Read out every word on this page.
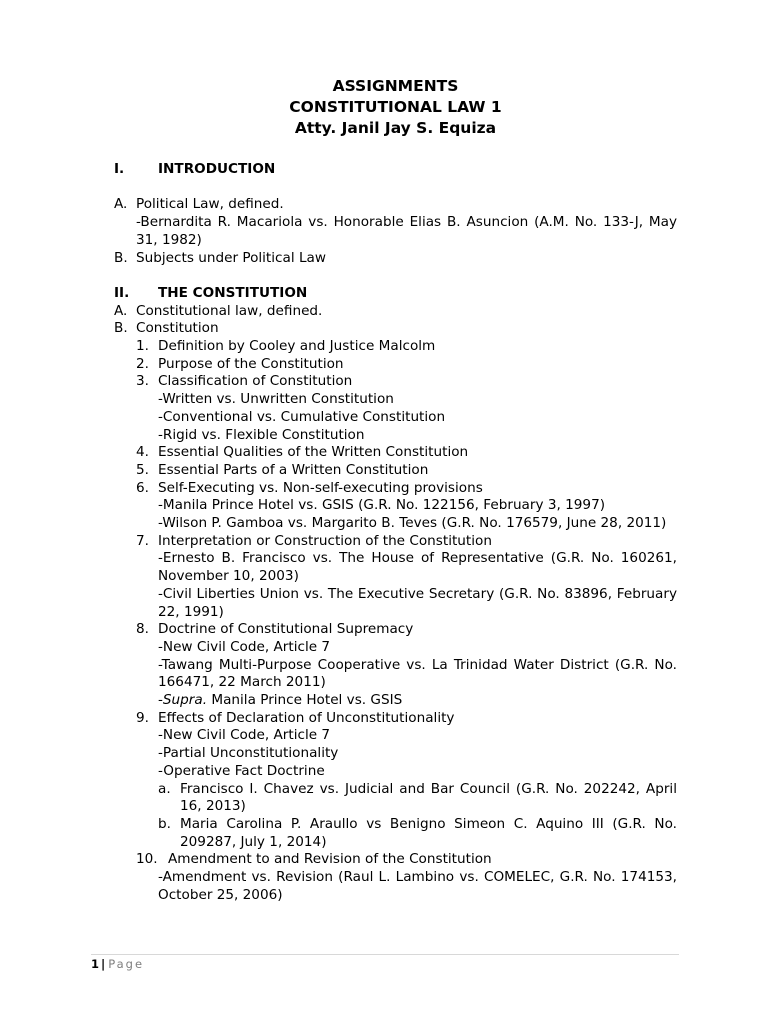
ASSIGNMENTS
CONSTITUTIONAL LAW 1
Atty. Janil Jay S. Equiza
I.	INTRODUCTION
A. Political Law, defined.
-Bernardita R. Macariola vs. Honorable Elias B. Asuncion (A.M. No. 133-J, May 31, 1982)
B. Subjects under Political Law
II.	THE CONSTITUTION
A. Constitutional law, defined.
B. Constitution
1. Definition by Cooley and Justice Malcolm
2. Purpose of the Constitution
3. Classification of Constitution
-Written vs. Unwritten Constitution
-Conventional vs. Cumulative Constitution
-Rigid vs. Flexible Constitution
4. Essential Qualities of the Written Constitution
5. Essential Parts of a Written Constitution
6. Self-Executing vs. Non-self-executing provisions
-Manila Prince Hotel vs. GSIS (G.R. No. 122156, February 3, 1997)
-Wilson P. Gamboa vs. Margarito B. Teves (G.R. No. 176579, June 28, 2011)
7. Interpretation or Construction of the Constitution
-Ernesto B. Francisco vs. The House of Representative (G.R. No. 160261, November 10, 2003)
-Civil Liberties Union vs. The Executive Secretary (G.R. No. 83896, February 22, 1991)
8. Doctrine of Constitutional Supremacy
-New Civil Code, Article 7
-Tawang Multi-Purpose Cooperative vs. La Trinidad Water District (G.R. No. 166471, 22 March 2011)
-Supra. Manila Prince Hotel vs. GSIS
9. Effects of Declaration of Unconstitutionality
-New Civil Code, Article 7
-Partial Unconstitutionality
-Operative Fact Doctrine
a. Francisco I. Chavez vs. Judicial and Bar Council (G.R. No. 202242, April 16, 2013)
b. Maria Carolina P. Araullo vs Benigno Simeon C. Aquino III (G.R. No. 209287, July 1, 2014)
10. Amendment to and Revision of the Constitution
-Amendment vs. Revision (Raul L. Lambino vs. COMELEC, G.R. No. 174153, October 25, 2006)
1 | Page
